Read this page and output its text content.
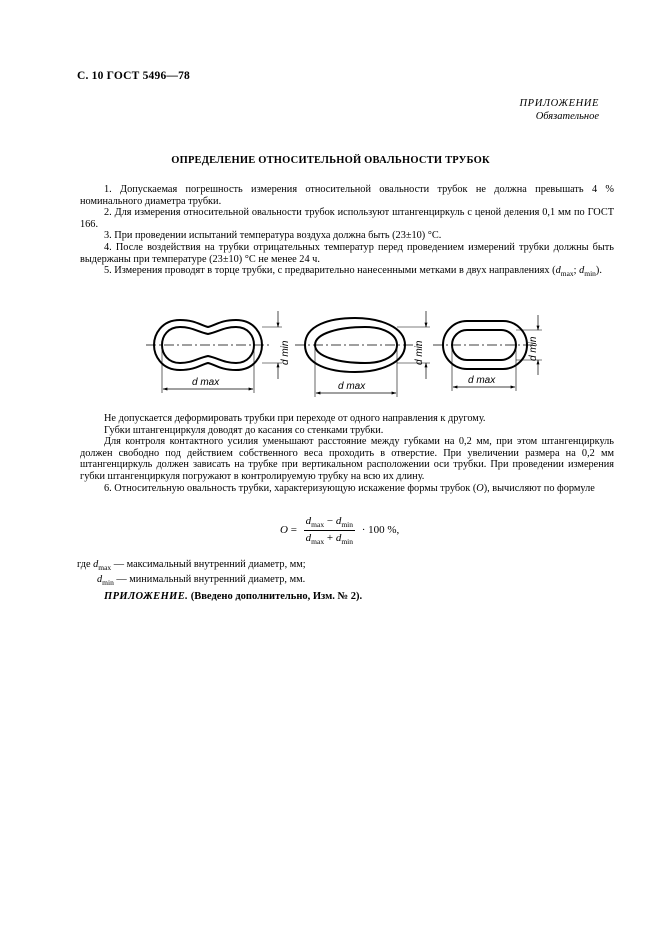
С. 10 ГОСТ 5496—78
ПРИЛОЖЕНИЕ
Обязательное
ОПРЕДЕЛЕНИЕ ОТНОСИТЕЛЬНОЙ ОВАЛЬНОСТИ ТРУБОК

1. Допускаемая погрешность измерения относительной овальности трубок не должна превышать 4 % номинального диаметра трубки.

2. Для измерения относительной овальности трубок используют штангенциркуль с ценой деления 0,1 мм по ГОСТ 166.

3. При проведении испытаний температура воздуха должна быть (23±10) °С.

4. После воздействия на трубки отрицательных температур перед проведением измерений трубки должны быть выдержаны при температуре (23±10) °С не менее 24 ч.

5. Измерения проводят в торце трубки, с предварительно нанесенными метками в двух направлениях ($d_{max}$; $d_{min}$).

d max
d min
d max
d min
d max
d min

Не допускается деформировать трубки при переходе от одного направления к другому.

Губки штангенциркуля доводят до касания со стенками трубки.

Для контроля контактного усилия уменьшают расстояние между губками на 0,2 мм, при этом штангенциркуль должен свободно под действием собственного веса проходить в отверстие. При увеличении размера на 0,2 мм штангенциркуль должен зависать на трубке при вертикальном расположении оси трубки. При проведении измерения губки штангенциркуля погружают в контролируемую трубку на всю их длину.

6. Относительную овальность трубки, характеризующую искажение формы трубок (О), вычисляют по формуле

$О = \frac{d_{max} - d_{min}}{d_{max} + d_{min}} \cdot 100$ %,
где $d_{max}$ — максимальный внутренний диаметр, мм;
$d_{min}$ — минимальный внутренний диаметр, мм.
ПРИЛОЖЕНИЕ. (Введено дополнительно, Изм. № 2).
